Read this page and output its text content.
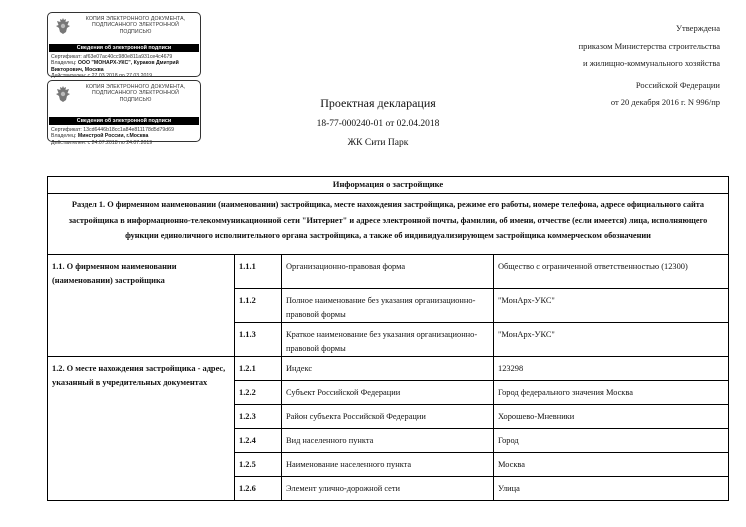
КОПИЯ ЭЛЕКТРОННОГО ДОКУМЕНТА,
ПОДПИСАННОГО ЭЛЕКТРОННОЙ
ПОДПИСЬЮ
Сведения об электронной подписи
Сертификат: af63e07ac40cc980e811a931ce4c4679
Владелец: ООО "МОНАРХ-УКС", Кураков Дмитрий Викторович, Москва
Действителен: с 27.03.2018 по 27.03.2019
КОПИЯ ЭЛЕКТРОННОГО ДОКУМЕНТА,
ПОДПИСАННОГО ЭЛЕКТРОННОЙ
ПОДПИСЬЮ
Сведения об электронной подписи
Сертификат: 13cd6446b18cc1a84e811178d5d79d69
Владелец: Минстрой России, г.Москва
Действителен: с 24.07.2018 по 24.07.2019
Утверждена
приказом Министерства строительства
и жилищно-коммунального хозяйства
Российской Федерации
от 20 декабря 2016 г. N 996/пр
Проектная декларация
18-77-000240-01 от 02.04.2018
ЖК Сити Парк
Информация о застройщике			
Раздел 1. О фирменном наименовании (наименовании) застройщика, месте нахождения застройщика, режиме его работы, номере телефона, адресе официального сайта застройщика в информационно-телекоммуникационной сети "Интернет" и адресе электронной почты, фамилии, об имени, отчестве (если имеется) лица, исполняющего функции единоличного исполнительного органа застройщика, а также об индивидуализирующем застройщика коммерческом обозначении			
1.1. О фирменном наименовании (наименовании) застройщика	1.1.1	Организационно-правовая форма	Общество с ограниченной ответственностью (12300)
	1.1.2	Полное наименование без указания организационно-правовой формы	"МонАрх-УКС"
	1.1.3	Краткое наименование без указания организационно-правовой формы	"МонАрх-УКС"
1.2. О месте нахождения застройщика - адрес, указанный в учредительных документах	1.2.1	Индекс	123298
	1.2.2	Субъект Российской Федерации	Город федерального значения Москва
	1.2.3	Район субъекта Российской Федерации	Хорошево-Мневники
	1.2.4	Вид населенного пункта	Город
	1.2.5	Наименование населенного пункта	Москва
	1.2.6	Элемент улично-дорожной сети	Улица
